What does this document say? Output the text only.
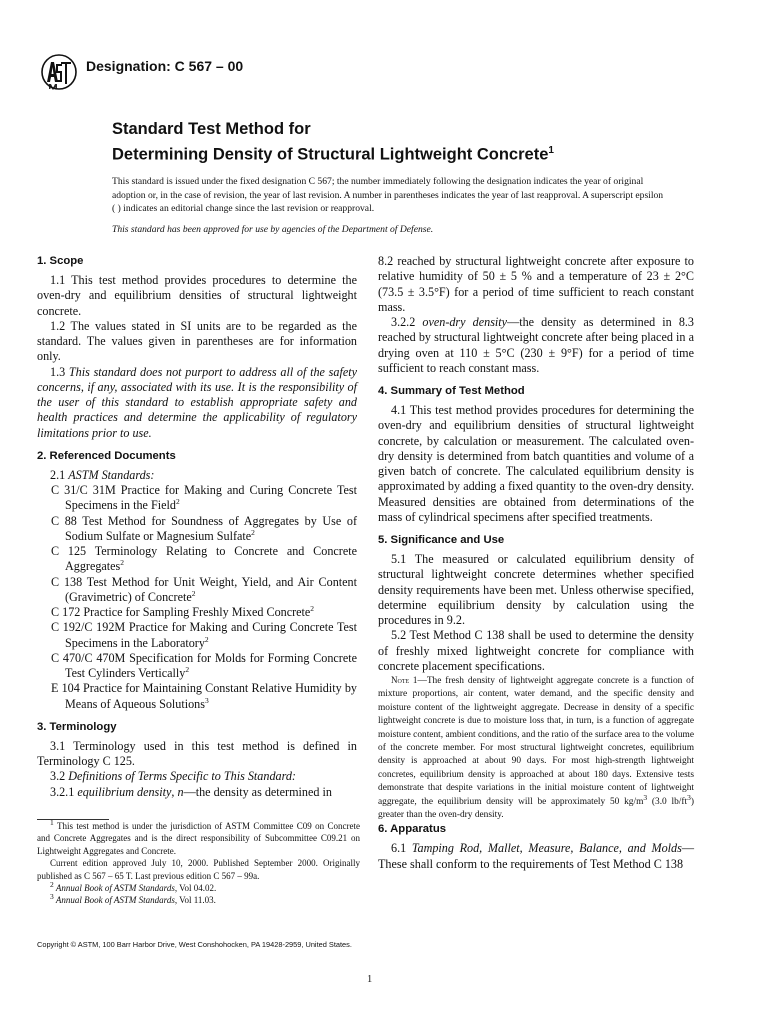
Designation: C 567 – 00
Standard Test Method for
Determining Density of Structural Lightweight Concrete$^1$

This standard is issued under the fixed designation C 567; the number immediately following the designation indicates the year of original adoption or, in the case of revision, the year of last revision. A number in parentheses indicates the year of last reapproval. A superscript epsilon ( ) indicates an editorial change since the last revision or reapproval.

This standard has been approved for use by agencies of the Department of Defense.

1. Scope

1.1 This test method provides procedures to determine the oven-dry and equilibrium densities of structural lightweight concrete.

1.2 The values stated in SI units are to be regarded as the standard. The values given in parentheses are for information only.

1.3 This standard does not purport to address all of the safety concerns, if any, associated with its use. It is the responsibility of the user of this standard to establish appropriate safety and health practices and determine the applicability of regulatory limitations prior to use.

2. Referenced Documents

2.1 ASTM Standards:

C 31/C 31M Practice for Making and Curing Concrete Test Specimens in the Field$^2$

C 88 Test Method for Soundness of Aggregates by Use of Sodium Sulfate or Magnesium Sulfate$^2$

C 125 Terminology Relating to Concrete and Concrete Aggregates$^2$

C 138 Test Method for Unit Weight, Yield, and Air Content (Gravimetric) of Concrete$^2$

C 172 Practice for Sampling Freshly Mixed Concrete$^2$

C 192/C 192M Practice for Making and Curing Concrete Test Specimens in the Laboratory$^2$

C 470/C 470M Specification for Molds for Forming Concrete Test Cylinders Vertically$^2$

E 104 Practice for Maintaining Constant Relative Humidity by Means of Aqueous Solutions$^3$

3. Terminology

3.1 Terminology used in this test method is defined in Terminology C 125.

3.2 Definitions of Terms Specific to This Standard:

3.2.1 equilibrium density, n—the density as determined in

8.2 reached by structural lightweight concrete after exposure to relative humidity of 50 ± 5 % and a temperature of 23 ± 2°C (73.5 ± 3.5°F) for a period of time sufficient to reach constant mass.

3.2.2 oven-dry density—the density as determined in 8.3 reached by structural lightweight concrete after being placed in a drying oven at 110 ± 5°C (230 ± 9°F) for a period of time sufficient to reach constant mass.

4. Summary of Test Method

4.1 This test method provides procedures for determining the oven-dry and equilibrium densities of structural lightweight concrete, by calculation or measurement. The calculated oven-dry density is determined from batch quantities and volume of a given batch of concrete. The calculated equilibrium density is approximated by adding a fixed quantity to the oven-dry density. Measured densities are obtained from determinations of the mass of cylindrical specimens after specified treatments.

5. Significance and Use

5.1 The measured or calculated equilibrium density of structural lightweight concrete determines whether specified density requirements have been met. Unless otherwise specified, determine equilibrium density by calculation using the procedures in 9.2.

5.2 Test Method C 138 shall be used to determine the density of freshly mixed lightweight concrete for compliance with concrete placement specifications.

Note 1—The fresh density of lightweight aggregate concrete is a function of mixture proportions, air content, water demand, and the specific density and moisture content of the lightweight aggregate. Decrease in density of a specific lightweight concrete is due to moisture loss that, in turn, is a function of aggregate moisture content, ambient conditions, and the ratio of the surface area to the volume of the concrete member. For most structural lightweight concretes, equilibrium density is approached at about 90 days. For most high-strength lightweight concretes, equilibrium density is approached at about 180 days. Extensive tests demonstrate that despite variations in the initial moisture content of lightweight aggregate, the equilibrium density will be approximately 50 $kg/m^3$ (3.0 $lb/ft^3$) greater than the oven-dry density.

6. Apparatus

6.1 Tamping Rod, Mallet, Measure, Balance, and Molds—These shall conform to the requirements of Test Method C 138

$^1$ This test method is under the jurisdiction of ASTM Committee C09 on Concrete and Concrete Aggregates and is the direct responsibility of Subcommittee C09.21 on Lightweight Aggregates and Concrete.

Current edition approved July 10, 2000. Published September 2000. Originally published as C 567 – 65 T. Last previous edition C 567 – 99a.

$^2$ Annual Book of ASTM Standards, Vol 04.02.

$^3$ Annual Book of ASTM Standards, Vol 11.03.

Copyright © ASTM, 100 Barr Harbor Drive, West Conshohocken, PA 19428-2959, United States.
1
